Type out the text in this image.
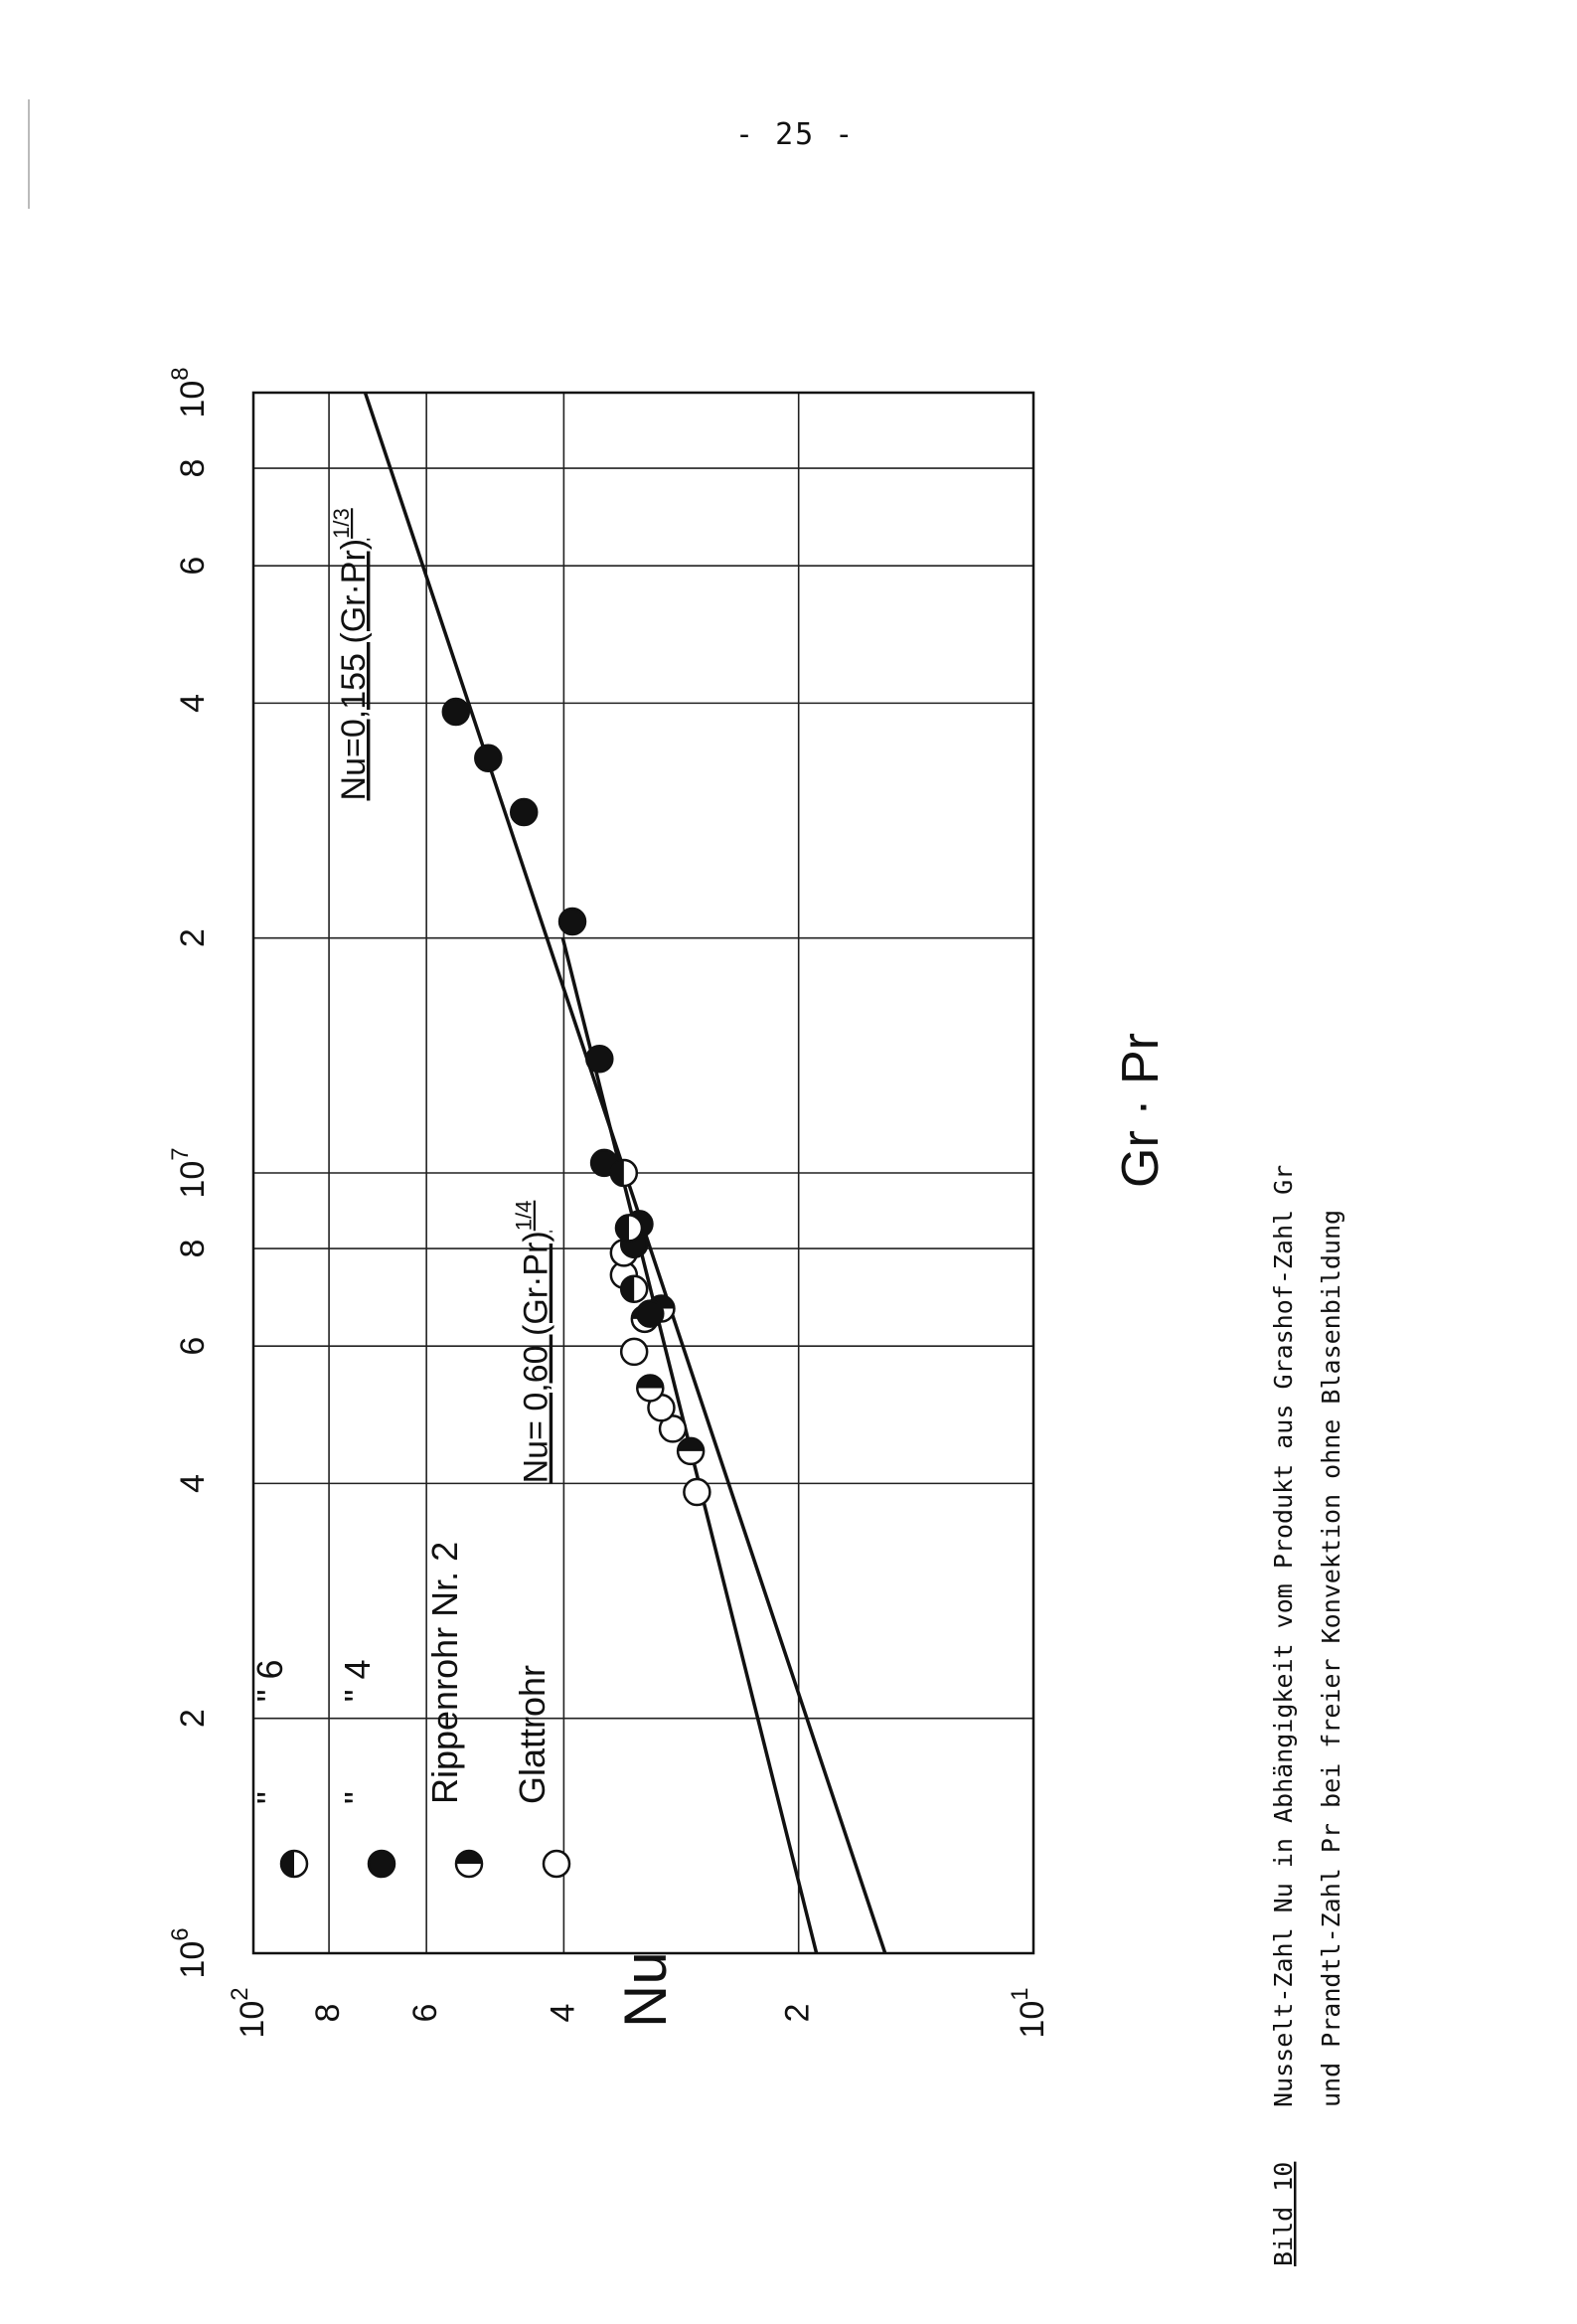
- 25 -
Nu= 0,60 $(Gr\cdot Pr)^{1/4}$
Nu=0,155 $(Gr\cdot Pr)^{1/3}$
$10^6$
2
4
6
8
$10^7$
2
4
6
8
$10^8$
$10^1$
2
4
6
8
$10^2$
Glattrohr
Rippenrohr Nr. 2
"" 4
"" 6
Gr · Pr
Nu
Bild 10
Nusselt-Zahl Nu in Abhängigkeit vom Produkt aus Grashof-Zahl Gr und Prandtl-Zahl Pr bei freier Konvektion ohne Blasenbildung
